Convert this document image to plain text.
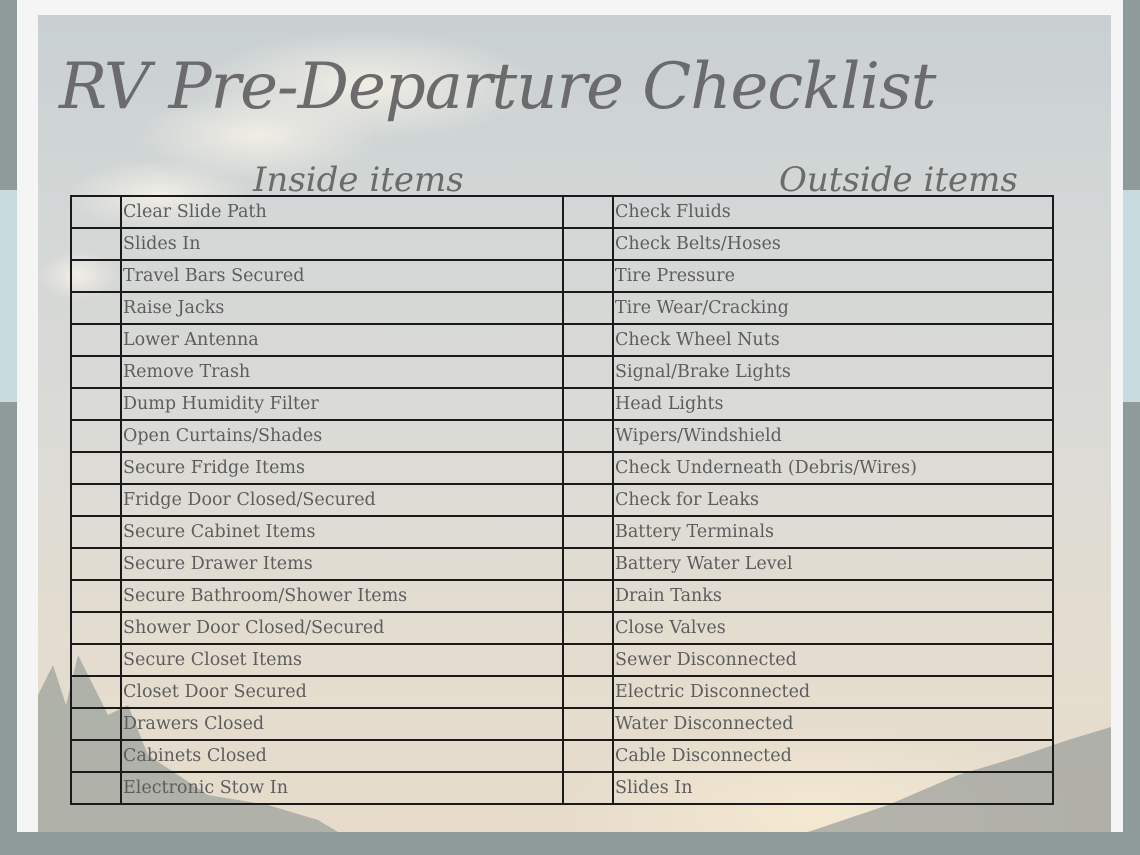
RV Pre-Departure Checklist
Inside items	Outside items

	Clear Slide Path		Check Fluids

	Slides In		Check Belts/Hoses

	Travel Bars Secured		Tire Pressure

	Raise Jacks		Tire Wear/Cracking

	Lower Antenna		Check Wheel Nuts

	Remove Trash		Signal/Brake Lights

	Dump Humidity Filter		Head Lights

	Open Curtains/Shades		Wipers/Windshield

	Secure Fridge Items		Check Underneath (Debris/Wires)

	Fridge Door Closed/Secured		Check for Leaks

	Secure Cabinet Items		Battery Terminals

	Secure Drawer Items		Battery Water Level

	Secure Bathroom/Shower Items		Drain Tanks

	Shower Door Closed/Secured		Close Valves

	Secure Closet Items		Sewer Disconnected

	Closet Door Secured		Electric Disconnected

	Drawers Closed		Water Disconnected

	Cabinets Closed		Cable Disconnected

	Electronic Stow In		Slides In
